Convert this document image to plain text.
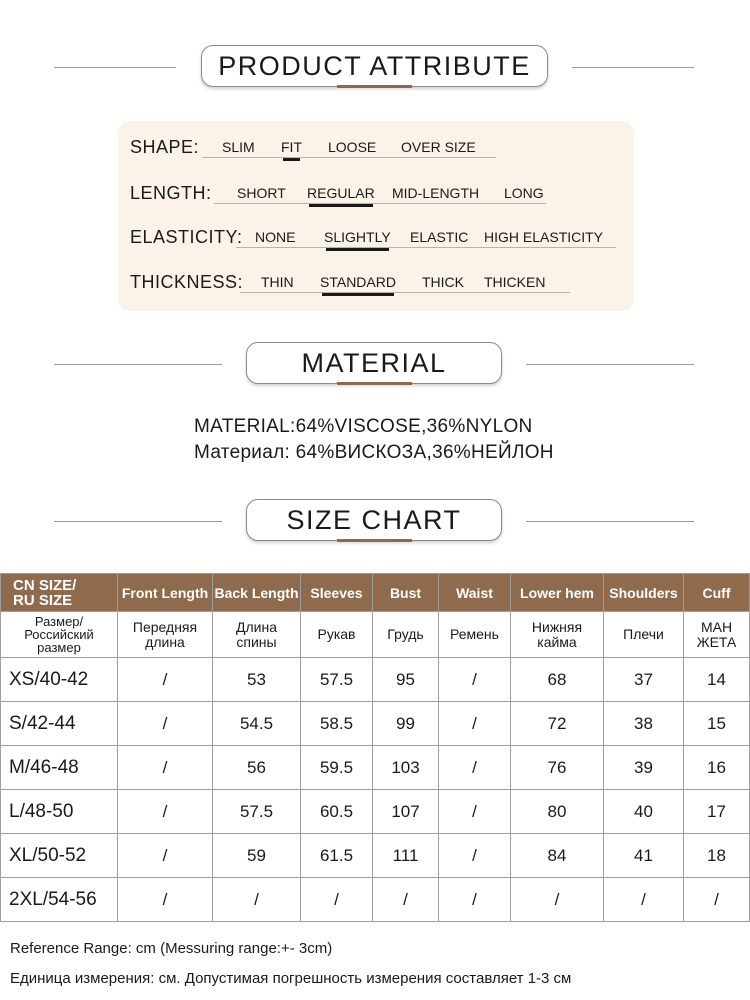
PRODUCT ATTRIBUTE
SHAPE: SLIM FIT LOOSE OVER SIZE
LENGTH: SHORT REGULAR MID-LENGTH LONG
ELASTICITY: NONE SLIGHTLY ELASTIC HIGH ELASTICITY
THICKNESS: THIN STANDARD THICK THICKEN
MATERIAL
MATERIAL:64%VISCOSE,36%NYLON
Материал: 64%ВИСКОЗА,36%НЕЙЛОН
SIZE CHART
CN SIZE/
RU SIZE	Front Length	Back Length	Sleeves	Bust	Waist	Lower hem	Shoulders	Cuff
Размер/
Российский
размер	Передняя
длина	Длина
спины	Рукав	Грудь	Ремень	Нижняя
кайма	Плечи	МАН
ЖЕТА
XS/40-42	/	53	57.5	95	/	68	37	14
S/42-44	/	54.5	58.5	99	/	72	38	15
M/46-48	/	56	59.5	103	/	76	39	16
L/48-50	/	57.5	60.5	107	/	80	40	17
XL/50-52	/	59	61.5	111	/	84	41	18
2XL/54-56	/	/	/	/	/	/	/	/
Reference Range: cm (Messuring range:+- 3cm)
Единица измерения: см. Допустимая погрешность измерения составляет 1-3 см
